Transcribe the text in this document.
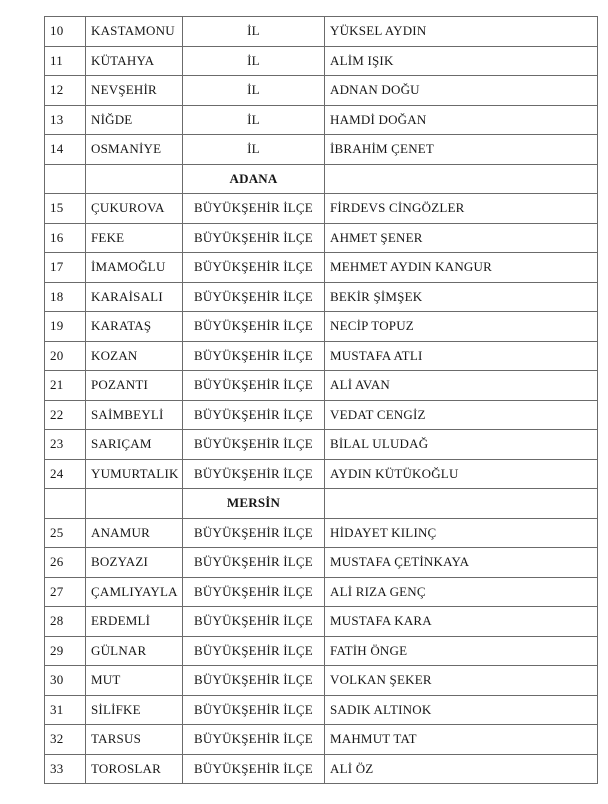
10	KASTAMONU	İL	YÜKSEL AYDIN
11	KÜTAHYA	İL	ALİM IŞIK
12	NEVŞEHİR	İL	ADNAN DOĞU
13	NİĞDE	İL	HAMDİ DOĞAN
14	OSMANİYE	İL	İBRAHİM ÇENET
		ADANA	
15	ÇUKUROVA	BÜYÜKŞEHİR İLÇE	FİRDEVS CİNGÖZLER
16	FEKE	BÜYÜKŞEHİR İLÇE	AHMET ŞENER
17	İMAMOĞLU	BÜYÜKŞEHİR İLÇE	MEHMET AYDIN KANGUR
18	KARAİSALI	BÜYÜKŞEHİR İLÇE	BEKİR ŞİMŞEK
19	KARATAŞ	BÜYÜKŞEHİR İLÇE	NECİP TOPUZ
20	KOZAN	BÜYÜKŞEHİR İLÇE	MUSTAFA ATLI
21	POZANTI	BÜYÜKŞEHİR İLÇE	ALİ AVAN
22	SAİMBEYLİ	BÜYÜKŞEHİR İLÇE	VEDAT CENGİZ
23	SARIÇAM	BÜYÜKŞEHİR İLÇE	BİLAL ULUDAĞ
24	YUMURTALIK	BÜYÜKŞEHİR İLÇE	AYDIN KÜTÜKOĞLU
		MERSİN	
25	ANAMUR	BÜYÜKŞEHİR İLÇE	HİDAYET KILINÇ
26	BOZYAZI	BÜYÜKŞEHİR İLÇE	MUSTAFA ÇETİNKAYA
27	ÇAMLIYAYLA	BÜYÜKŞEHİR İLÇE	ALİ RIZA GENÇ
28	ERDEMLİ	BÜYÜKŞEHİR İLÇE	MUSTAFA KARA
29	GÜLNAR	BÜYÜKŞEHİR İLÇE	FATİH ÖNGE
30	MUT	BÜYÜKŞEHİR İLÇE	VOLKAN ŞEKER
31	SİLİFKE	BÜYÜKŞEHİR İLÇE	SADIK ALTINOK
32	TARSUS	BÜYÜKŞEHİR İLÇE	MAHMUT TAT
33	TOROSLAR	BÜYÜKŞEHİR İLÇE	ALİ ÖZ
